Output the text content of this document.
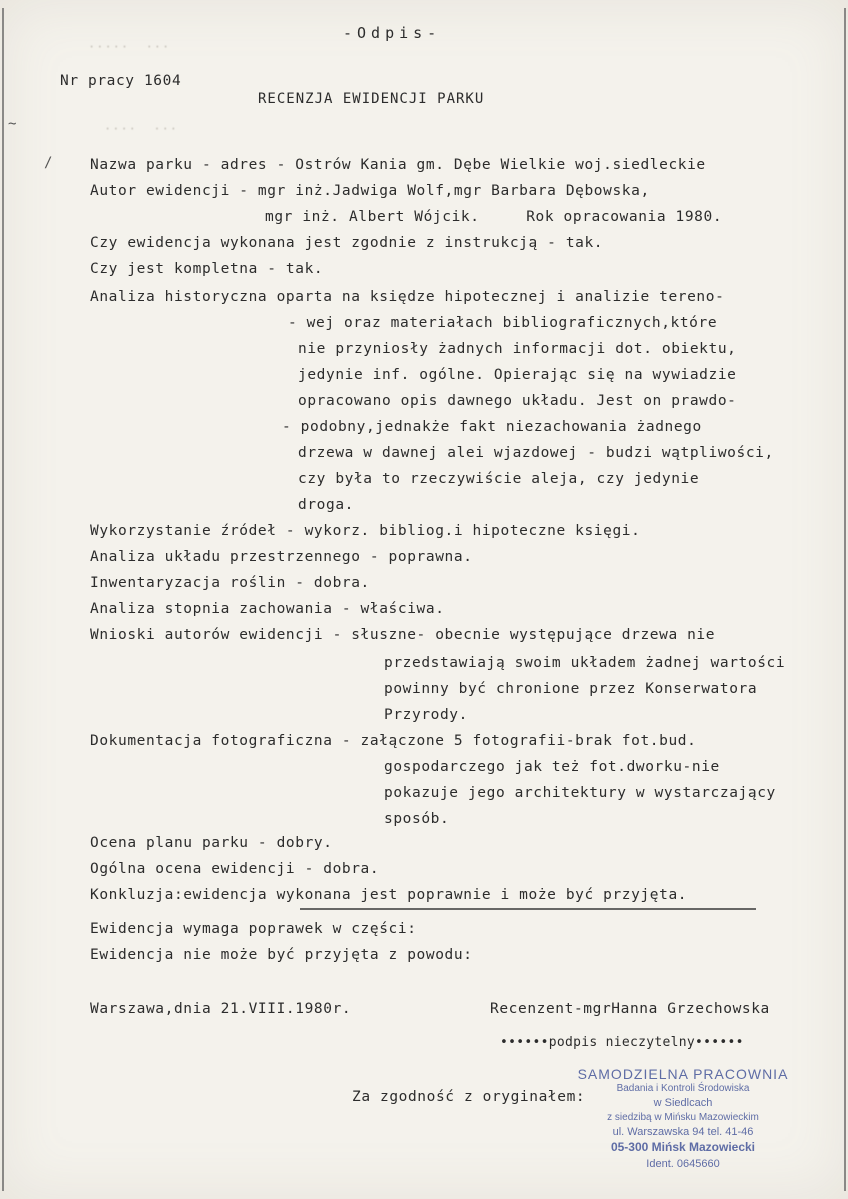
·····  ···
····  ···
~
/
-Odpis-
Nr pracy 1604
RECENZJA EWIDENCJI PARKU
Nazwa parku - adres - Ostrów Kania gm. Dębe Wielkie woj.siedleckie
Autor ewidencji - mgr inż.Jadwiga Wolf,mgr Barbara Dębowska,
mgr inż. Albert Wójcik.     Rok opracowania 1980.
Czy ewidencja wykonana jest zgodnie z instrukcją - tak.
Czy jest kompletna - tak.
Analiza historyczna oparta na księdze hipotecznej i analizie tereno-
- wej oraz materiałach bibliograficznych,które
nie przyniosły żadnych informacji dot. obiektu,
jedynie inf. ogólne. Opierając się na wywiadzie
opracowano opis dawnego układu. Jest on prawdo-
- podobny,jednakże fakt niezachowania żadnego
drzewa w dawnej alei wjazdowej - budzi wątpliwości,
czy była to rzeczywiście aleja, czy jedynie
droga.
Wykorzystanie źródeł - wykorz. bibliog.i hipoteczne księgi.
Analiza układu przestrzennego - poprawna.
Inwentaryzacja roślin - dobra.
Analiza stopnia zachowania - właściwa.
Wnioski autorów ewidencji - słuszne- obecnie występujące drzewa nie
przedstawiają swoim układem żadnej wartości
powinny być chronione przez Konserwatora
Przyrody.
Dokumentacja fotograficzna - załączone 5 fotografii-brak fot.bud.
gospodarczego jak też fot.dworku-nie
pokazuje jego architektury w wystarczający
sposób.
Ocena planu parku - dobry.
Ogólna ocena ewidencji - dobra.
Konkluzja:ewidencja wykonana jest poprawnie i może być przyjęta.
Ewidencja wymaga poprawek w części:
Ewidencja nie może być przyjęta z powodu:
Warszawa,dnia 21.VIII.1980r.	Recenzent-mgrHanna Grzechowska
••••••podpis nieczytelny••••••
Za zgodność z oryginałem:
SAMODZIELNA PRACOWNIA
Badania i Kontroli Środowiska
w Siedlcach
z siedzibą w Mińsku Mazowieckim
ul. Warszawska 94 tel. 41-46
05-300 Mińsk Mazowiecki
Ident. 0645660
